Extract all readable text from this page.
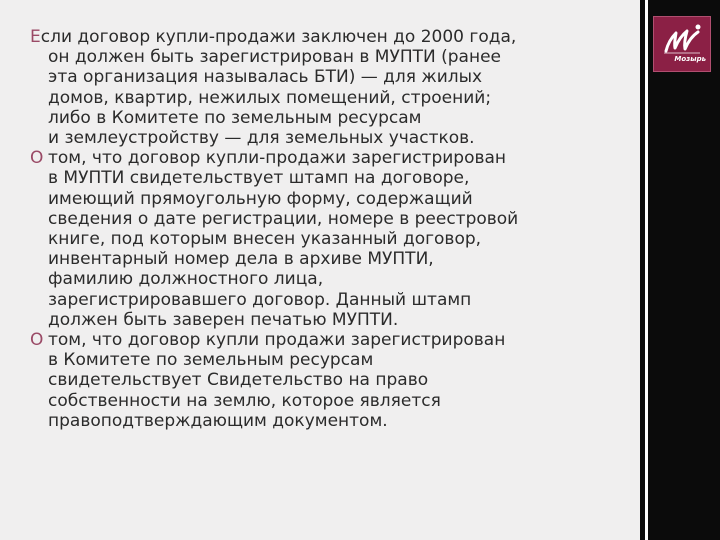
Если договор купли-продажи заключен до 2000 года,
он должен быть зарегистрирован в МУПТИ (ранее
эта организация называлась БТИ) — для жилых
домов, квартир, нежилых помещений, строений;
либо в Комитете по земельным ресурсам
и землеустройству — для земельных участков.
O том, что договор купли-продажи зарегистрирован
в МУПТИ свидетельствует штамп на договоре,
имеющий прямоугольную форму, содержащий
сведения о дате регистрации, номере в реестровой
книге, под которым внесен указанный договор,
инвентарный номер дела в архиве МУПТИ,
фамилию должностного лица,
зарегистрировавшего договор. Данный штамп
должен быть заверен печатью МУПТИ.
O том, что договор купли продажи зарегистрирован
в Комитете по земельным ресурсам
свидетельствует Свидетельство на право
собственности на землю, которое является
правоподтверждающим документом.
Мозырь
